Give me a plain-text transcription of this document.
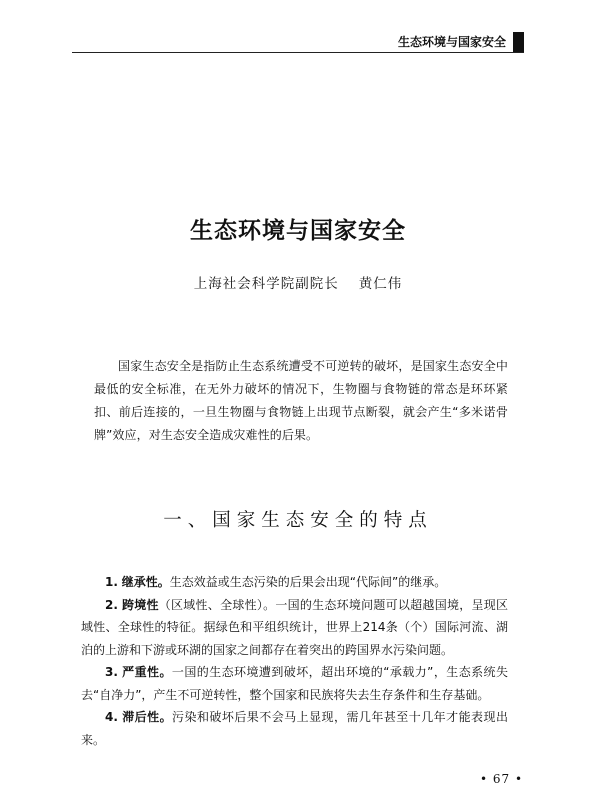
生态环境与国家安全
生态环境与国家安全
上海社会科学院副院长 黄仁伟

国家生态安全是指防止生态系统遭受不可逆转的破坏，是国家生态安全中最低的安全标准，在无外力破坏的情况下，生物圈与食物链的常态是环环紧扣、前后连接的，一旦生物圈与食物链上出现节点断裂，就会产生“多米诺骨牌”效应，对生态安全造成灾难性的后果。

一、国家生态安全的特点

1. 继承性。生态效益或生态污染的后果会出现“代际间”的继承。

2. 跨境性（区域性、全球性）。一国的生态环境问题可以超越国境，呈现区域性、全球性的特征。据绿色和平组织统计，世界上214条（个）国际河流、湖泊的上游和下游或环湖的国家之间都存在着突出的跨国界水污染问题。

3. 严重性。一国的生态环境遭到破坏，超出环境的“承载力”，生态系统失去“自净力”，产生不可逆转性，整个国家和民族将失去生存条件和生存基础。

4. 滞后性。污染和破坏后果不会马上显现，需几年甚至十几年才能表现出来。

• 67 •
